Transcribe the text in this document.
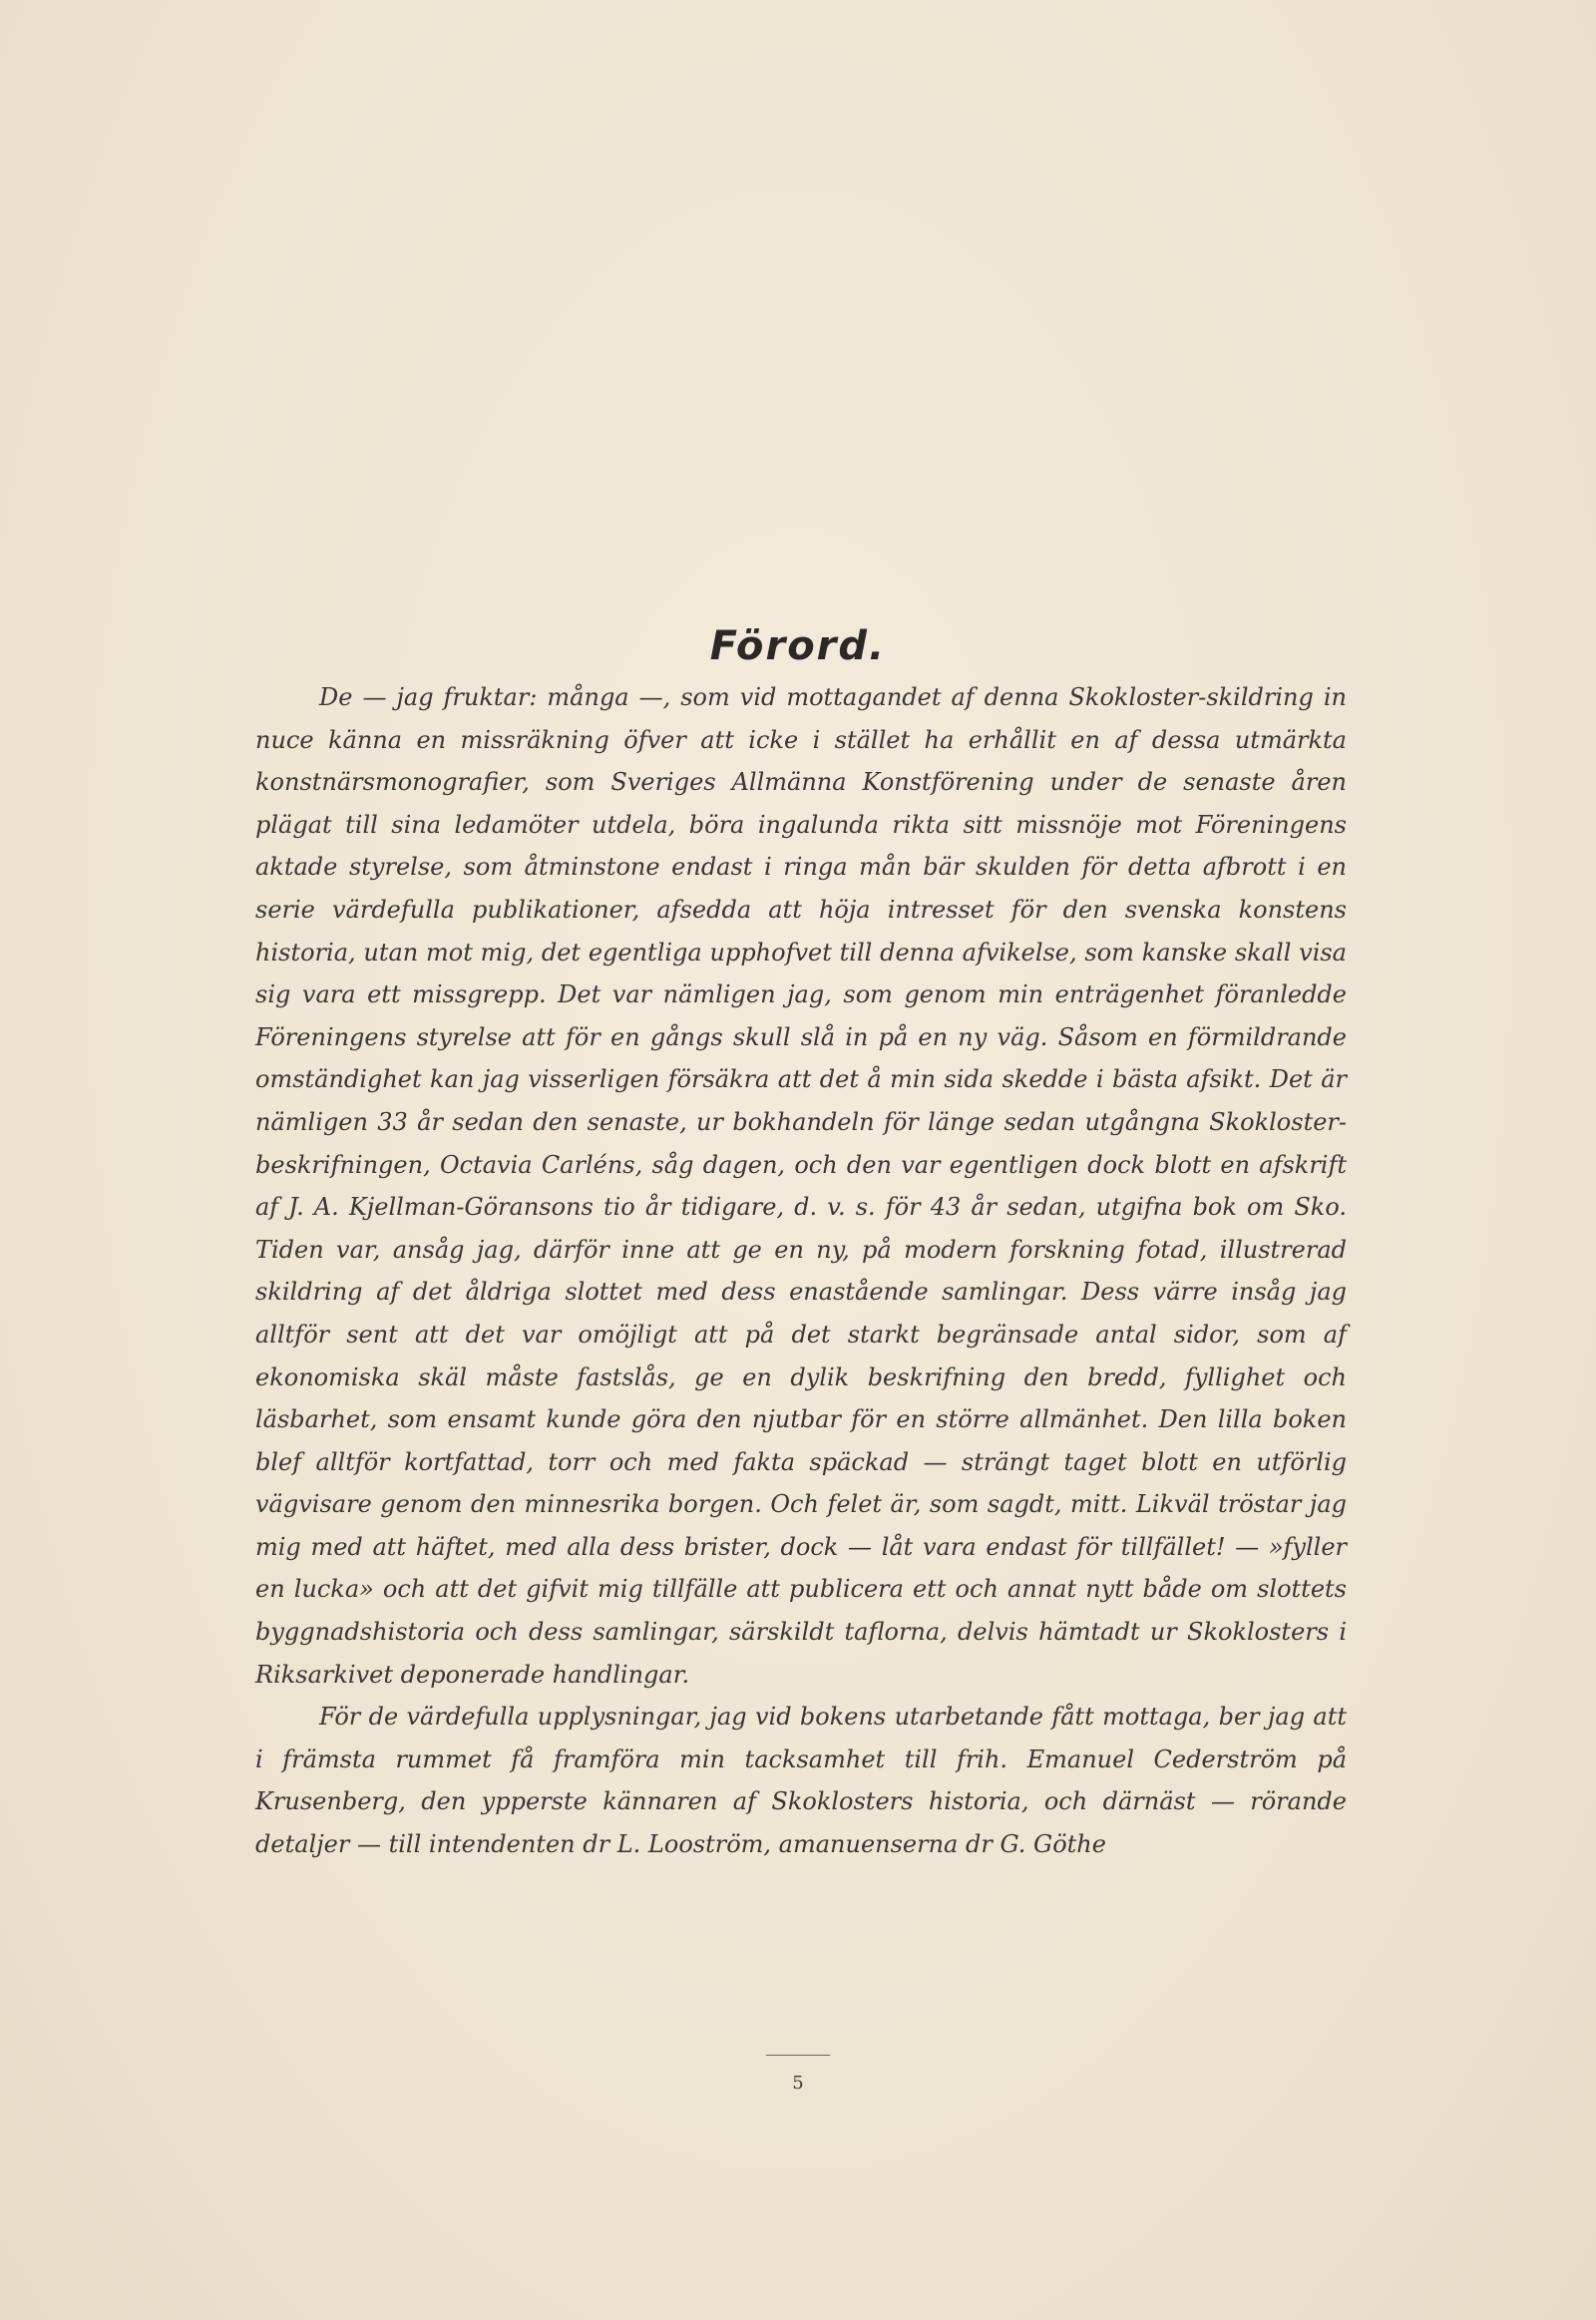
Förord.

De — jag fruktar: många —, som vid mottagandet af denna Skokloster-skildring in nuce känna en missräkning öfver att icke i stället ha erhållit en af dessa utmärkta konstnärsmonografier, som Sveriges Allmänna Konstförening under de senaste åren plägat till sina ledamöter utdela, böra ingalunda rikta sitt missnöje mot Föreningens aktade styrelse, som åtminstone endast i ringa mån bär skulden för detta afbrott i en serie värdefulla publikationer, afsedda att höja intresset för den svenska konstens historia, utan mot mig, det egentliga upphofvet till denna afvikelse, som kanske skall visa sig vara ett missgrepp. Det var nämligen jag, som genom min enträgenhet föranledde Föreningens styrelse att för en gångs skull slå in på en ny väg. Såsom en förmildrande omständighet kan jag visserligen försäkra att det å min sida skedde i bästa afsikt. Det är nämligen 33 år sedan den senaste, ur bokhandeln för länge sedan utgångna Skokloster-beskrifningen, Octavia Carléns, såg dagen, och den var egentligen dock blott en afskrift af J. A. Kjellman-Göransons tio år tidigare, d. v. s. för 43 år sedan, utgifna bok om Sko. Tiden var, ansåg jag, därför inne att ge en ny, på modern forskning fotad, illustrerad skildring af det åldriga slottet med dess enastående samlingar. Dess värre insåg jag alltför sent att det var omöjligt att på det starkt begränsade antal sidor, som af ekonomiska skäl måste fastslås, ge en dylik beskrifning den bredd, fyllighet och läsbarhet, som ensamt kunde göra den njutbar för en större allmänhet. Den lilla boken blef alltför kortfattad, torr och med fakta späckad — strängt taget blott en utförlig vägvisare genom den minnesrika borgen. Och felet är, som sagdt, mitt. Likväl tröstar jag mig med att häftet, med alla dess brister, dock — låt vara endast för tillfället! — »fyller en lucka» och att det gifvit mig tillfälle att publicera ett och annat nytt både om slottets byggnadshistoria och dess samlingar, särskildt taflorna, delvis hämtadt ur Skoklosters i Riksarkivet deponerade handlingar.

För de värdefulla upplysningar, jag vid bokens utarbetande fått mottaga, ber jag att i främsta rummet få framföra min tacksamhet till frih. Emanuel Cederström på Krusenberg, den ypperste kännaren af Skoklosters historia, och därnäst — rörande detaljer — till intendenten dr L. Looström, amanuenserna dr G. Göthe

5
